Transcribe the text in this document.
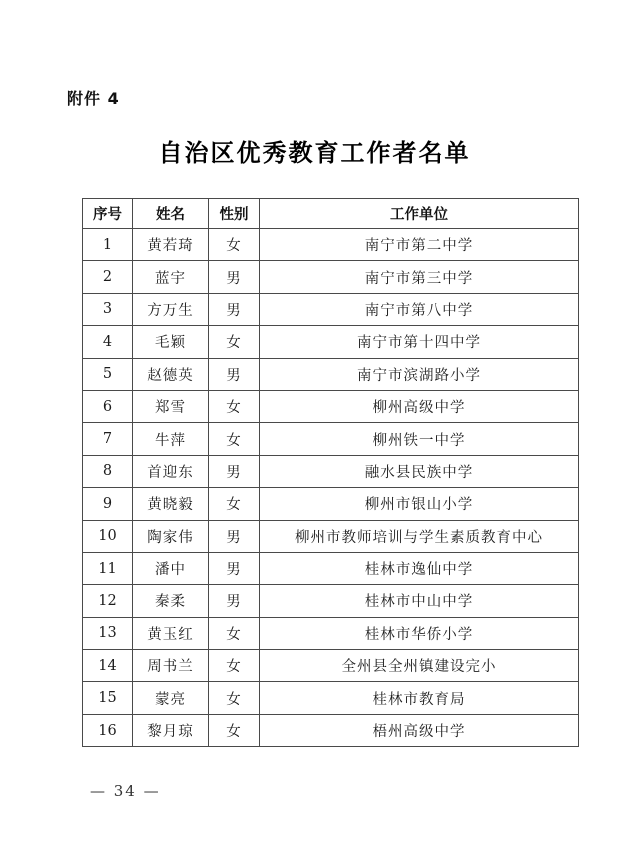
附件 4
自治区优秀教育工作者名单
序号	姓名	性别	工作单位
1	黄若琦	女	南宁市第二中学
2	蓝宇	男	南宁市第三中学
3	方万生	男	南宁市第八中学
4	毛颖	女	南宁市第十四中学
5	赵德英	男	南宁市滨湖路小学
6	郑雪	女	柳州高级中学
7	牛萍	女	柳州铁一中学
8	首迎东	男	融水县民族中学
9	黄晓毅	女	柳州市银山小学
10	陶家伟	男	柳州市教师培训与学生素质教育中心
11	潘中	男	桂林市逸仙中学
12	秦柔	男	桂林市中山中学
13	黄玉红	女	桂林市华侨小学
14	周书兰	女	全州县全州镇建设完小
15	蒙亮	女	桂林市教育局
16	黎月琼	女	梧州高级中学
— 34 —
